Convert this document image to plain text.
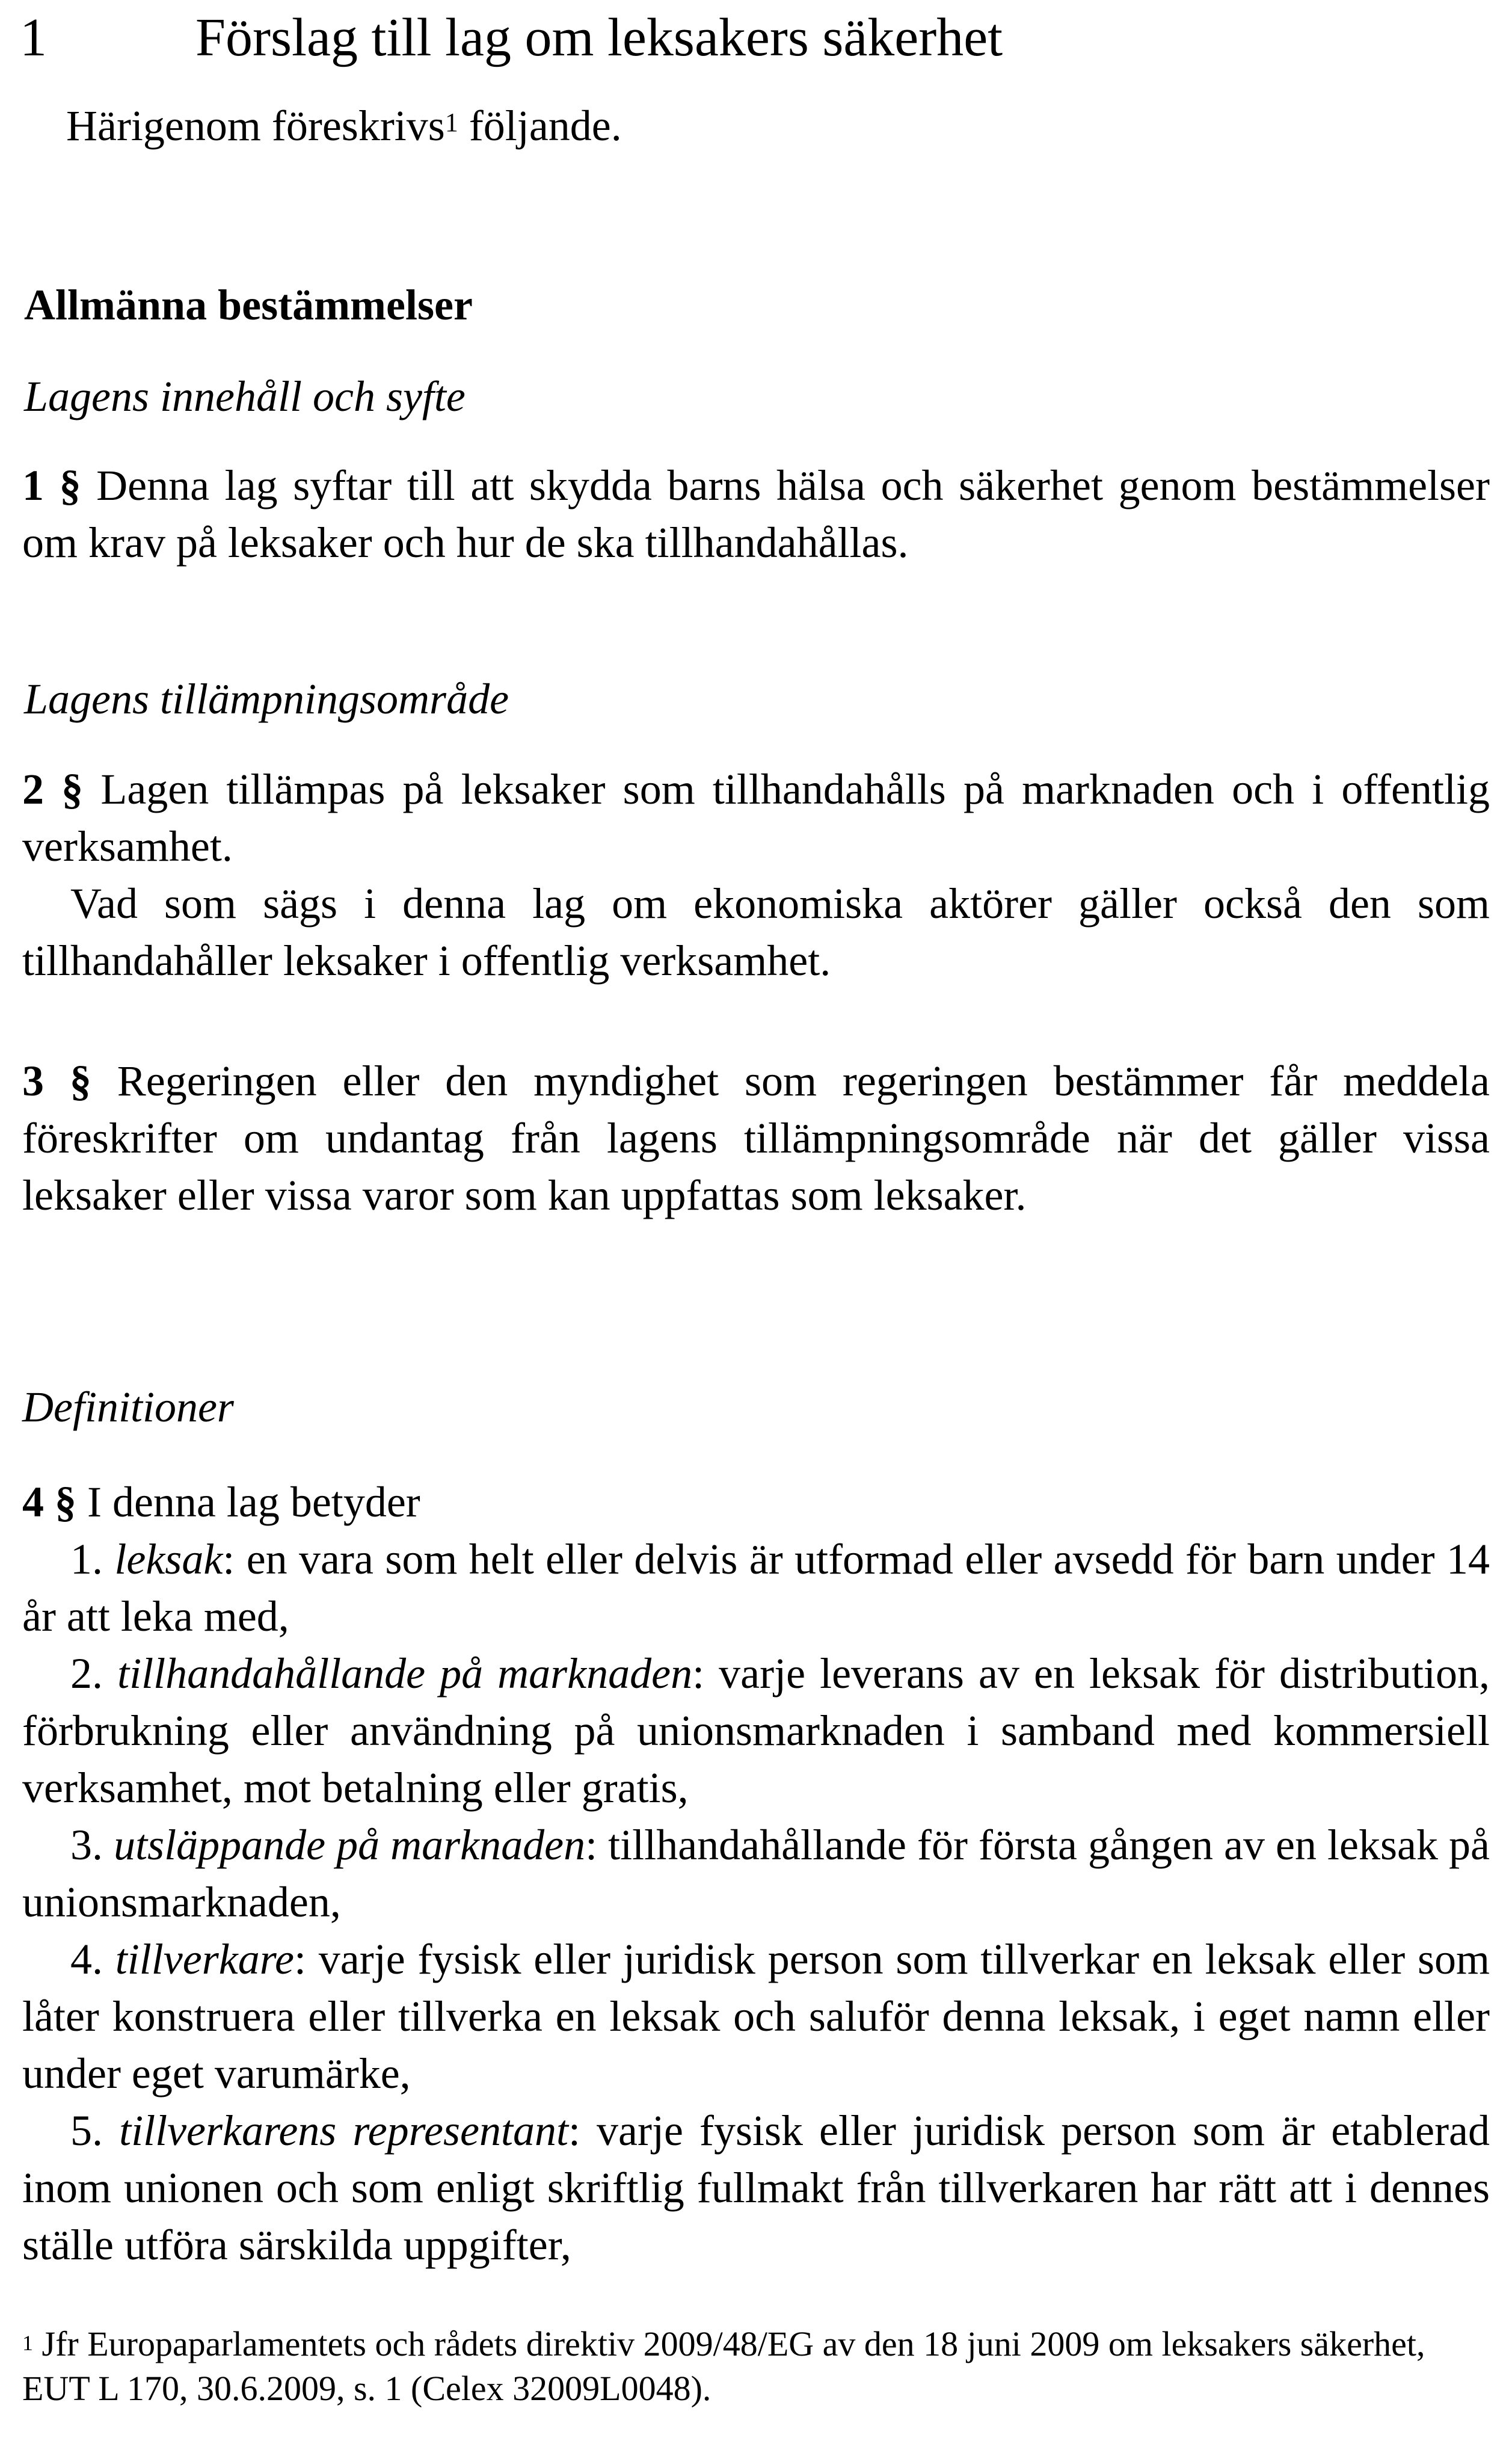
1	Förslag till lag om leksakers säkerhet
Härigenom föreskrivs$^1$ följande.
Allmänna bestämmelser
Lagens innehåll och syfte

1 § Denna lag syftar till att skydda barns hälsa och säkerhet genom bestämmelser om krav på leksaker och hur de ska tillhandahållas.

Lagens tillämpningsområde

2 § Lagen tillämpas på leksaker som tillhandahålls på marknaden och i offentlig verksamhet.

Vad som sägs i denna lag om ekonomiska aktörer gäller också den som tillhandahåller leksaker i offentlig verksamhet.

3 § Regeringen eller den myndighet som regeringen bestämmer får meddela föreskrifter om undantag från lagens tillämpningsområde när det gäller vissa leksaker eller vissa varor som kan uppfattas som leksaker.

Definitioner

4 § I denna lag betyder

1. leksak: en vara som helt eller delvis är utformad eller avsedd för barn under 14 år att leka med,

2. tillhandahållande på marknaden: varje leverans av en leksak för distribution, förbrukning eller användning på unionsmarknaden i samband med kommersiell verksamhet, mot betalning eller gratis,

3. utsläppande på marknaden: tillhandahållande för första gången av en leksak på unionsmarknaden,

4. tillverkare: varje fysisk eller juridisk person som tillverkar en leksak eller som låter konstruera eller tillverka en leksak och saluför denna leksak, i eget namn eller under eget varumärke,

5. tillverkarens representant: varje fysisk eller juridisk person som är etablerad inom unionen och som enligt skriftlig fullmakt från tillverkaren har rätt att i dennes ställe utföra särskilda uppgifter,

$^1$ Jfr Europaparlamentets och rådets direktiv 2009/48/EG av den 18 juni 2009 om leksakers säkerhet, EUT L 170, 30.6.2009, s. 1 (Celex 32009L0048).
